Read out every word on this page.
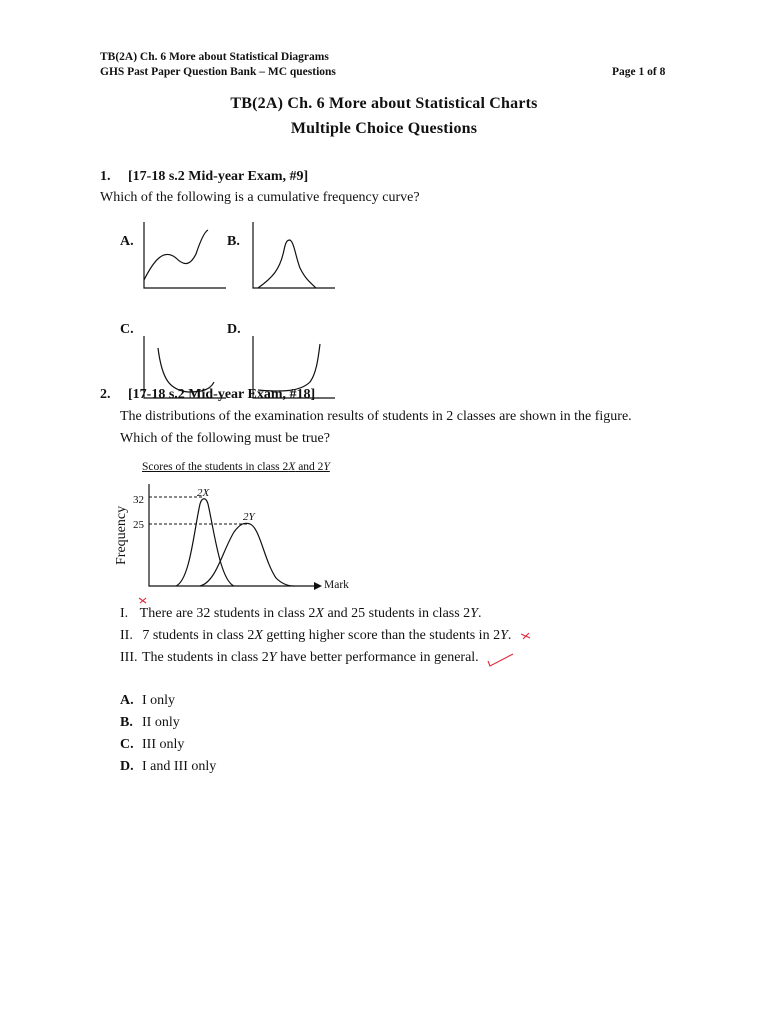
TB(2A) Ch. 6 More about Statistical Diagrams
GHS Past Paper Question Bank – MC questions	Page 1 of 8
TB(2A) Ch. 6 More about Statistical Charts
Multiple Choice Questions
1. [17-18 s.2 Mid-year Exam, #9]
Which of the following is a cumulative frequency curve?
A.	B.
C.	D.
2. [17-18 s.2 Mid-year Exam, #18]
The distributions of the examination results of students in 2 classes are shown in the figure.
Which of the following must be true?
Scores of the students in class 2X and 2Y
Frequency
32
25
2X
2Y
Mark
I. There are 32 students in class 2X and 25 students in class 2Y.
II. 7 students in class 2X getting higher score than the students in 2Y.
III. The students in class 2Y have better performance in general.
A. I only
B. II only
C. III only
D. I and III only
